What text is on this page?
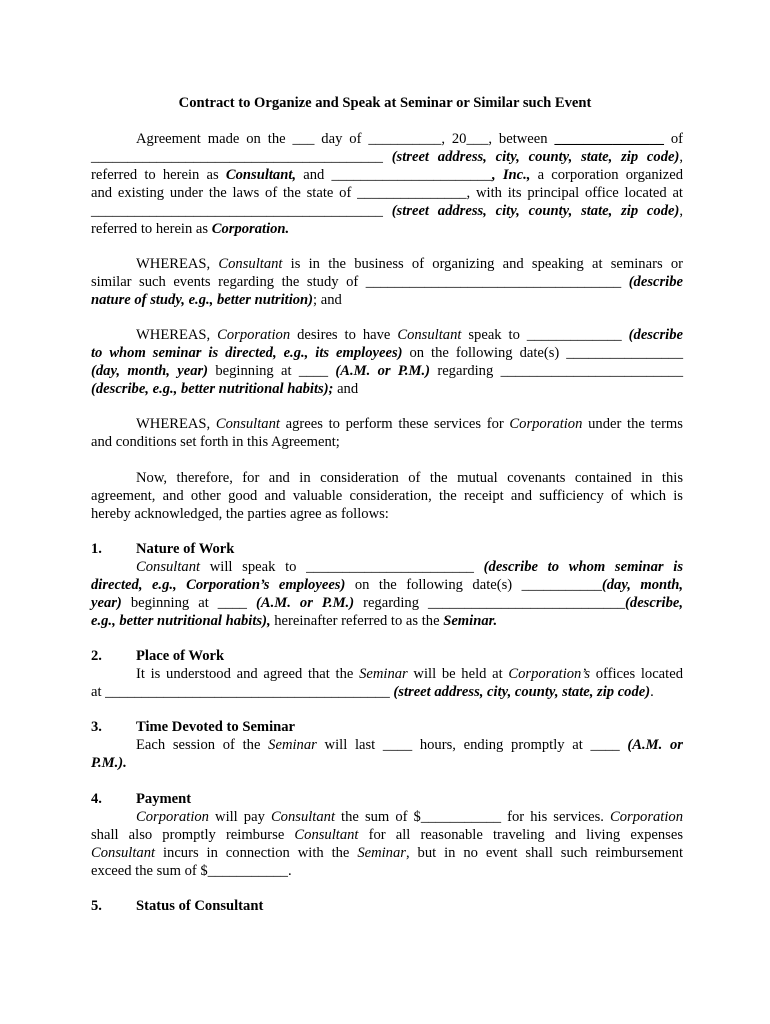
Contract to Organize and Speak at Seminar or Similar such Event
Agreement made on the ___ day of __________, 20___, between _______________ of
________________________________________ (street address, city, county, state, zip code),
referred to herein as Consultant, and ______________________, Inc., a corporation organized
and existing under the laws of the state of _______________, with its principal office located at
________________________________________ (street address, city, county, state, zip code),
referred to herein as Corporation.
WHEREAS, Consultant is in the business of organizing and speaking at seminars or
similar such events regarding the study of ___________________________________ (describe
nature of study, e.g., better nutrition); and
WHEREAS, Corporation desires to have Consultant speak to _____________ (describe
to whom seminar is directed, e.g., its employees) on the following date(s) ________________
(day, month, year) beginning at ____ (A.M. or P.M.) regarding _________________________
(describe, e.g., better nutritional habits); and
WHEREAS, Consultant agrees to perform these services for Corporation under the terms
and conditions set forth in this Agreement;
Now, therefore, for and in consideration of the mutual covenants contained in this
agreement, and other good and valuable consideration, the receipt and sufficiency of which is
hereby acknowledged, the parties agree as follows:
1. Nature of Work
Consultant will speak to _______________________ (describe to whom seminar is
directed, e.g., Corporation’s employees) on the following date(s) ___________(day, month,
year) beginning at ____ (A.M. or P.M.) regarding ___________________________(describe,
e.g., better nutritional habits), hereinafter referred to as the Seminar.
2. Place of Work
It is understood and agreed that the Seminar will be held at Corporation’s offices located
at _______________________________________ (street address, city, county, state, zip code).
3. Time Devoted to Seminar
Each session of the Seminar will last ____ hours, ending promptly at ____ (A.M. or
P.M.).
4. Payment
Corporation will pay Consultant the sum of $___________ for his services. Corporation
shall also promptly reimburse Consultant for all reasonable traveling and living expenses
Consultant incurs in connection with the Seminar, but in no event shall such reimbursement
exceed the sum of $___________.
5. Status of Consultant
